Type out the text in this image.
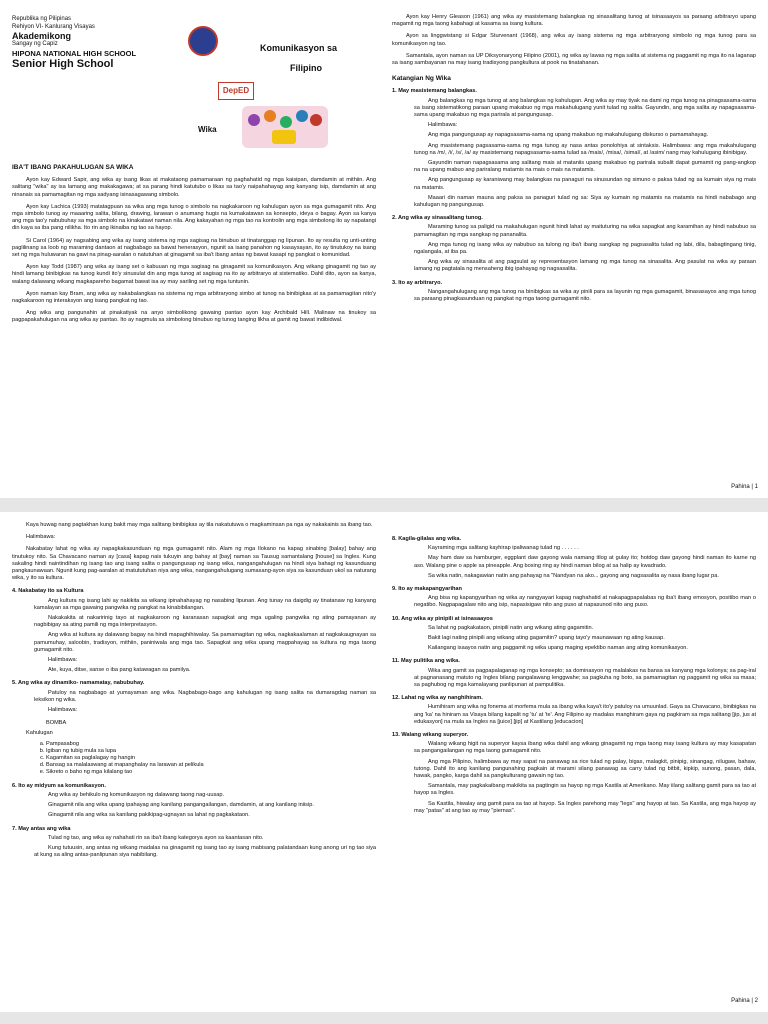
Republika ng Pilipinas

Rehiyon VI- Kanlurang Visayas

Akademikong

Sangay ng Capiz

HIPONA NATIONAL HIGH SCHOOL

Senior High School

DepED
Komunikasyon sa
Filipino
Wika
IBA'T IBANG PAKAHULUGAN SA WIKA

Ayon kay Edward Sapir, ang wika ay isang likas at makataong pamamaraan ng paghahatid ng mga kaisipan, damdamin at mithiin. Ang salitang "wika" ay isa lamang ang makakagawa; at sa parang hindi katutubo o likas sa tao'y naipahahayag ang kanyang isip, damdamin at ang ninanais sa pamamagitan ng mga sadyang isinasagawang simbolo.

Ayon kay Lachica (1993) matatagpuan sa wika ang mga tunog o simbolo na nagkakaroon ng kahulugan ayon sa mga gumagamit nito. Ang mga simbolo tunog ay maaaring salita, bilang, drawing, larawan o anumang hugis na kumakatawan sa konsepto, ideya o bagay. Ayon sa kanya ang mga tao'y nabubuhay sa mga simbolo na kinakatawi naman nila. Ang kakayahan ng mga tao na kontrolin ang mga simbolong ito ay napatangi din kaya sa iba pang nilikha. Ito rin ang ikinaiba ng tao sa hayop.

Si Carol (1964) ay nagsabing ang wika ay isang sistema ng mga sagisag na binubuo at tinatanggap ng lipunan. Ito ay resulta ng unti-unting paglilinang sa loob ng maraming dantaon at nagbabago sa bawat henerasyon, ngunit sa isang panahon ng kasaysayan, ito ay tinutukoy na isang set ng mga huluwaran na gawi na pinag-aaralan o natutuhan at ginagamit sa iba't ibang antas ng bawat kasapi ng pangkat o komunidad.

Ayon kay Todd (1987) ang wika ay isang set o kabuuan ng mga sagisag na ginagamit sa komunikasyon. Ang wikang ginagamit ng tao ay hindi lamang binibigkas na tunog kundi ito'y sinusulat din ang mga tunog at sagisag na ito ay arbitraryo at sistematiko. Dahil dito, ayon sa kanya, walang dalawang wikang magkapareho bagamat bawat isa ay may sariling set ng mga tuntunin.

Ayon naman kay Bram, ang wika ay nakabalangkas na sistema ng mga arbitraryong simbo at tunog na binibigkas at sa pamamagitan nito'y nagkakaroon ng interaksyon ang isang pangkat ng tao.

Ang wika ang pangunahin at pinakatiyak na anyo simbolikong gawaing pantao ayon kay Archibald Hill. Malinaw na tinukoy sa pagpapakahulugan na ang wika ay pantao. Ito ay nagmula sa simbolong binubuo ng tunog tanging likha at gamit ng bawat indibidwal.

Ayon kay Henry Gleason (1961) ang wika ay masistemang balangkas ng sinasalitang tunog at isinasaayos sa paraang arbitraryo upang magamit ng mga taong kabahagi at kasama sa isang kultura.

Ayon sa linggwistang si Edgar Sturvenant (1968), ang wika ay isang sistema ng mga arbitraryong simbolo ng mga tunog para sa komunikasyon ng tao.

Samantala, ayon naman sa UP Diksyonaryong Filipino (2001), ng wika ay lawas ng mga salita at sistema ng paggamit ng mga ito na laganap sa isang sambayanan na may isang tradisyong pangkultura at pook na tinatahanan.

Katangian Ng Wika
1. May masistemang balangkas.

Ang balangkas ng mga tunog at ang balangkas ng kahulugan. Ang wika ay may tiyak na dami ng mga tunog na pinagsasama-sama sa isang sistematikong paraan upang makabuo ng mga makahulugang yunit tulad ng salita. Gayundin, ang mga salita ay napagsasama-sama upang makabuo ng mga parirala at pangungusap.

Halimbawa:

Ang mga pangungusap ay napagsasama-sama ng upang makabuo ng makahulugang diskurso o pamamahayag.

Ang masistemang pagsasama-sama ng mga tunog ay nasa antas ponolohiya at sintaksis. Halimbawa: ang mga makahulugang tunog na /m/, /i/, /s/, /a/ ay masistemang napagsasama-sama tulad sa /mais/, /misa/, /simal/, at /asim/ nang may kahulugang ibinibigay.

Gayundin naman napagsasama ang salitang mais at mataniis upang makabuo ng parirala subalit dapat gumamit ng pang-angkop na na upang mabuo ang pariralang matamis na mais o mais na matamis.

Ang pangungusap ay karaniwang may balangkas na panaguri na sinusundan ng simuno o paksa tulad ng sa kumain siya ng mais na matamis.

Maaari din naman mauna ang paksa sa panaguri tulad ng sa: Siya ay kumain ng matamis na matamis na hindi nababago ang kahulugan ng pangungusap.

2. Ang wika ay sinasalitang tunog.

Maraming tunog sa paligid na makahulugan ngunit hindi lahat ay maituturing na wika sapagkat ang karamihan ay hindi nabubuo sa pamamagitan ng mga sangkap ng pananalita.

Ang mga tunog ng isang wika ay nabubuo sa tulong ng iba't ibang sangkap ng pagsasalita tulad ng labi, dila, babagtingang tinig, ngalangala, at iba pa.

Ang wika ay sinasalita at ang pagsulat ay representasyon lamang ng mga tunog na sinasalita. Ang pasulat na wika ay paraan lamang ng pagtatala ng mensaheng ibig ipahayag ng nagsasalita.

3. Ito ay arbitraryo.

Nangangahulugang ang mga tunog na binibigkas sa wika ay pinili para sa layunin ng mga gumagamit, binasasayos ang mga tunog sa paraang pinagkasunduan ng pangkat ng mga taong gumagamit nito.

Pahina | 1

Kaya huwag nang pagtakhan kung bakit may mga salitang binibigkas ay tila nakatutuwa o magkaminsan pa nga ay nakakainis sa ibang tao.

Halimbawa:

Nakabatay lahat ng wika ay napagkakasunduan ng mga gumagamit nito. Alam ng mga Ilokano na kapag sinabing [balay] bahay ang tinutukoy nito. Sa Chavacano naman ay [casa] kapag nais tukuyin ang bahay at [bay] naman sa Tausug samantalang [house] sa Ingles. Kung sakaling hindi naintindihan ng isang tao ang isang salita o pangungusap ng isang wika, nangangahulugan na hindi siya bahagi ng kasunduang pangkaunawaan. Ngunit kung pag-aaralan at matututuhan niya ang wika, nangangahulugang sumasang-ayon siya sa kasunduan ukol sa naturang wika, y ito sa kultura.

4. Nakabatay ito sa Kultura

Ang kultura ng isang lahi ay nakikita sa wikang ipinahahayag ng nasabing lipunan. Ang tunay na daigdig ay tinatanaw ng kanyang kamalayan sa mga gawaing pangwika ng pangkat na kinabibilangan.

Nakakakita at nakaririnig tayo at nagkakaroon ng karanasan sapagkat ang mga ugaling pangwika ng ating pamayanan ay nagbibigay sa ating pamili ng mga interpretasyon.

Ang wika at kultura ay dalawang bagay na hindi mapaghihiwalay. Sa pamamagitan ng wika, nagkakaalaman at nagkakaugnayan sa pamumuhay, saloobin, tradisyon, mithiin, paniniwala ang mga tao. Sapagkat ang wika upang magpahayag sa kultura ng mga taong gumagamit nito.

Halimbawa:

Ate, kuya, ditse, sanse o iba pang katawagan sa pamilya.

5. Ang wika ay dinamiko- namamatay, nabubuhay.

Patuloy na nagbabago at yumayaman ang wika. Nagbabago-bago ang kahulugan ng isang salita na dumaragdag naman sa leksikon ng wika.

Halimbawa:

BOMBA

Kahulugan

a. Pampasabog
b. Igiban ng tubig mula sa lupa
c. Kagamitan sa paglalagay ng hangin
d. Bansag sa malalaswang at mapanghalay na larawan at pelikula
e. Sikreto o baho ng mga kilalang tao
6. Ito ay midyum sa komunikasyon.

Ang wika ay behikulo ng komunikasyon ng dalawang taong nag-uusap.

Ginagamit nila ang wika upang ipahayag ang kanilang pangangailangan, damdamin, at ang kanilang iniisip.

Ginagamit nila ang wika sa kanilang pakikipag-ugnayan sa lahat ng pagkakataon.

7. May antas ang wika

Tulad ng tao, ang wika ay nahahati rin sa iba't ibang kategorya ayon sa kaantasan nito.

Kung tutuusin, ang antas ng wikang madalas na ginagamit ng isang tao ay isang mabisang palatandaan kung anong uri ng tao siya at kung sa aling antas-panlipunan siya nabibilang.

8. Kagila-gilalas ang wika.

Kayraming mga salitang kayhirap ipaliwanag tulad ng . . . . . .

May ham daw sa hamburger, eggplant daw gayong wala namang itlog at gulay ito; hotdog daw gayong hindi naman ito karne ng aso. Walang pine o apple sa pineapple. Ang boxing ring ay hindi naman bilog at sa halip ay kwadrado.

Sa wika natin, nakagawian natin ang pahayag na "Nandyan na ako... gayong ang nagsasalita ay nasa ibang lugar pa.

9. Ito ay makapangyarihan

Ang bisa ng kapangyarihan ng wika ay nangyayari kapag naghahatid at nakapagpapalabas ng iba't ibang emosyon, positibo man o negatibo. Nagpapagalaw nito ang isip, napasisigaw nito ang puso at napasunod nito ang puso.

10. Ang wika ay pinipili at isinasaayos

Sa lahat ng pagkakataon, pinipili natin ang wikang ating gagamitin.

Bakit lagi nating pinipili ang wikang ating gagamitin? upang tayo'y maunawaan ng ating kausap.

Kailangang isaayos natin ang paggamit ng wika upang maging epektibo naman ang ating komunikasyon.

11. May pulitika ang wika.

Wika ang gamit sa pagpapalaganap ng mga konsepto; sa dominasyon ng malalakas na bansa sa kanyang mga kolonya; sa pag-iral at pagnanasang matuto ng Ingles bilang pangalawang lenggwahe; sa pagkuha ng boto, sa pamamagitan ng paggamit ng wika sa masa; sa paghubog ng mga kamalayang panlipunan at pampulitika.

12. Lahat ng wika ay nanghihiram.

Humihiram ang wika ng fonema at morfema mula sa ibang wika kaya't ito'y patuloy na umuunlad. Gaya sa Chavacano, binibigkas na ang 'ka' na hiniram sa Visaya bilang kapalit ng 'tu' at 'te'. Ang Filipino ay madalas manghiram gaya ng pagkiram sa mga salitang [jip, jus at edukasyon] na mula sa Ingles na [juice] [jip] at Kastilang [educacion]

13. Walang wikang superyor.

Walang wikang higit na superyor kaysa ibang wika dahil ang wikang ginagamit ng mga taong may isang kultura ay may kasapatan sa pangangailangan ng mga taong gumagamit nito.

Ang mga Pilipino, halimbawa ay may sapat na panawag sa rice tulad ng palay, bigas, malagkit, pinipig, sinangag, nilugaw, bahaw, tutong. Dahil ito ang kanilang pangunahing pagkain at marami silang panawag sa carry tulad ng bitbit, kipkip, sunong, pasan, dala, hawak, pangko, karga dahil sa pangkulturang gawain ng tao.

Samantala, may pagkakaibang makikita sa pagtingin sa hayop ng mga Kastila at Amerikano. May iilang salitang gamit para sa tao at hayop sa Ingles.

Sa Kastila, hiwalay ang gamit para sa tao at hayop. Sa Ingles parehong may "legs" ang hayop at tao. Sa Kastila, ang mga hayop ay may "patas" at ang tao ay may "piernas".

Pahina | 2
